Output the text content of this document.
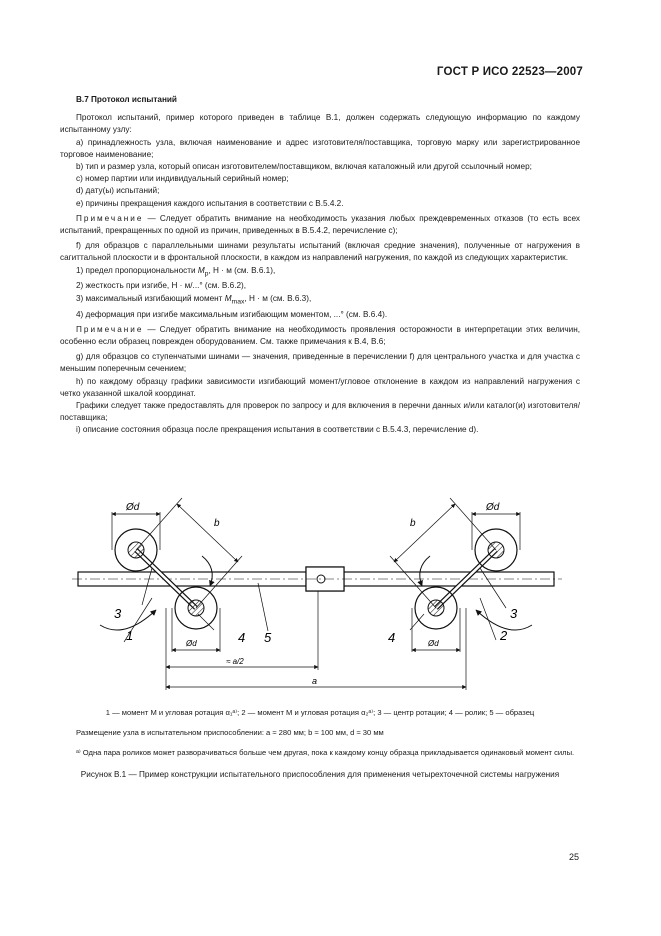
ГОСТ Р ИСО 22523—2007

В.7 Протокол испытаний

Протокол испытаний, пример которого приведен в таблице В.1, должен содержать следующую информацию по каждому испытанному узлу:

а) принадлежность узла, включая наименование и адрес изготовителя/поставщика, торговую марку или зарегистрированное торговое наименование;

b) тип и размер узла, который описан изготовителем/поставщиком, включая каталожный или другой ссылочный номер;

c) номер партии или индивидуальный серийный номер;

d) дату(ы) испытаний;

е) причины прекращения каждого испытания в соответствии с В.5.4.2.

Примечание — Следует обратить внимание на необходимость указания любых преждевременных отказов (то есть всех испытаний, прекращенных по одной из причин, приведенных в В.5.4.2, перечисление с);

f) для образцов с параллельными шинами результаты испытаний (включая средние значения), полученные от нагружения в сагиттальной плоскости и в фронтальной плоскости, в каждом из направлений нагружения, по каждой из следующих характеристик.

1) предел пропорциональности $M_p$, Н · м (см. В.6.1),

2) жесткость при изгибе, Н · м/...° (см. В.6.2),

3) максимальный изгибающий момент $M_{max}$, Н · м (см. В.6.3),

4) деформация при изгибе максимальным изгибающим моментом, ...° (см. В.6.4).

Примечание — Следует обратить внимание на необходимость проявления осторожности в интерпретации этих величин, особенно если образец поврежден оборудованием. См. также примечания к В.4, В.6;

g) для образцов со ступенчатыми шинами — значения, приведенные в перечислении f) для центрального участка и для участка с меньшим поперечным сечением;

h) по каждому образцу графики зависимости изгибающий момент/угловое отклонение в каждом из направлений нагружения с четко указанной шкалой координат.

Графики следует также предоставлять для проверок по запросу и для включения в перечни данных и/или каталог(и) изготовителя/поставщика;

i) описание состояния образца после прекращения испытания в соответствии с В.5.4.3, перечисление d).

Ød	Ød
b	b
Ød	Ød
≈ a/2
a
1
3
4 5	2
3
4

1 — момент M и угловая ротация α₁ᵃ⁾; 2 — момент M и угловая ротация α₂ᵃ⁾; 3 — центр ротации; 4 — ролик; 5 — образец

Размещение узла в испытательном приспособлении: a ≈ 280 мм; b ≈ 100 мм, d ≈ 30 мм

ᵃ⁾ Одна пара роликов может разворачиваться больше чем другая, пока к каждому концу образца прикладывается одинаковый момент силы.

Рисунок В.1 — Пример конструкции испытательного приспособления для применения четырехточечной системы нагружения

25
